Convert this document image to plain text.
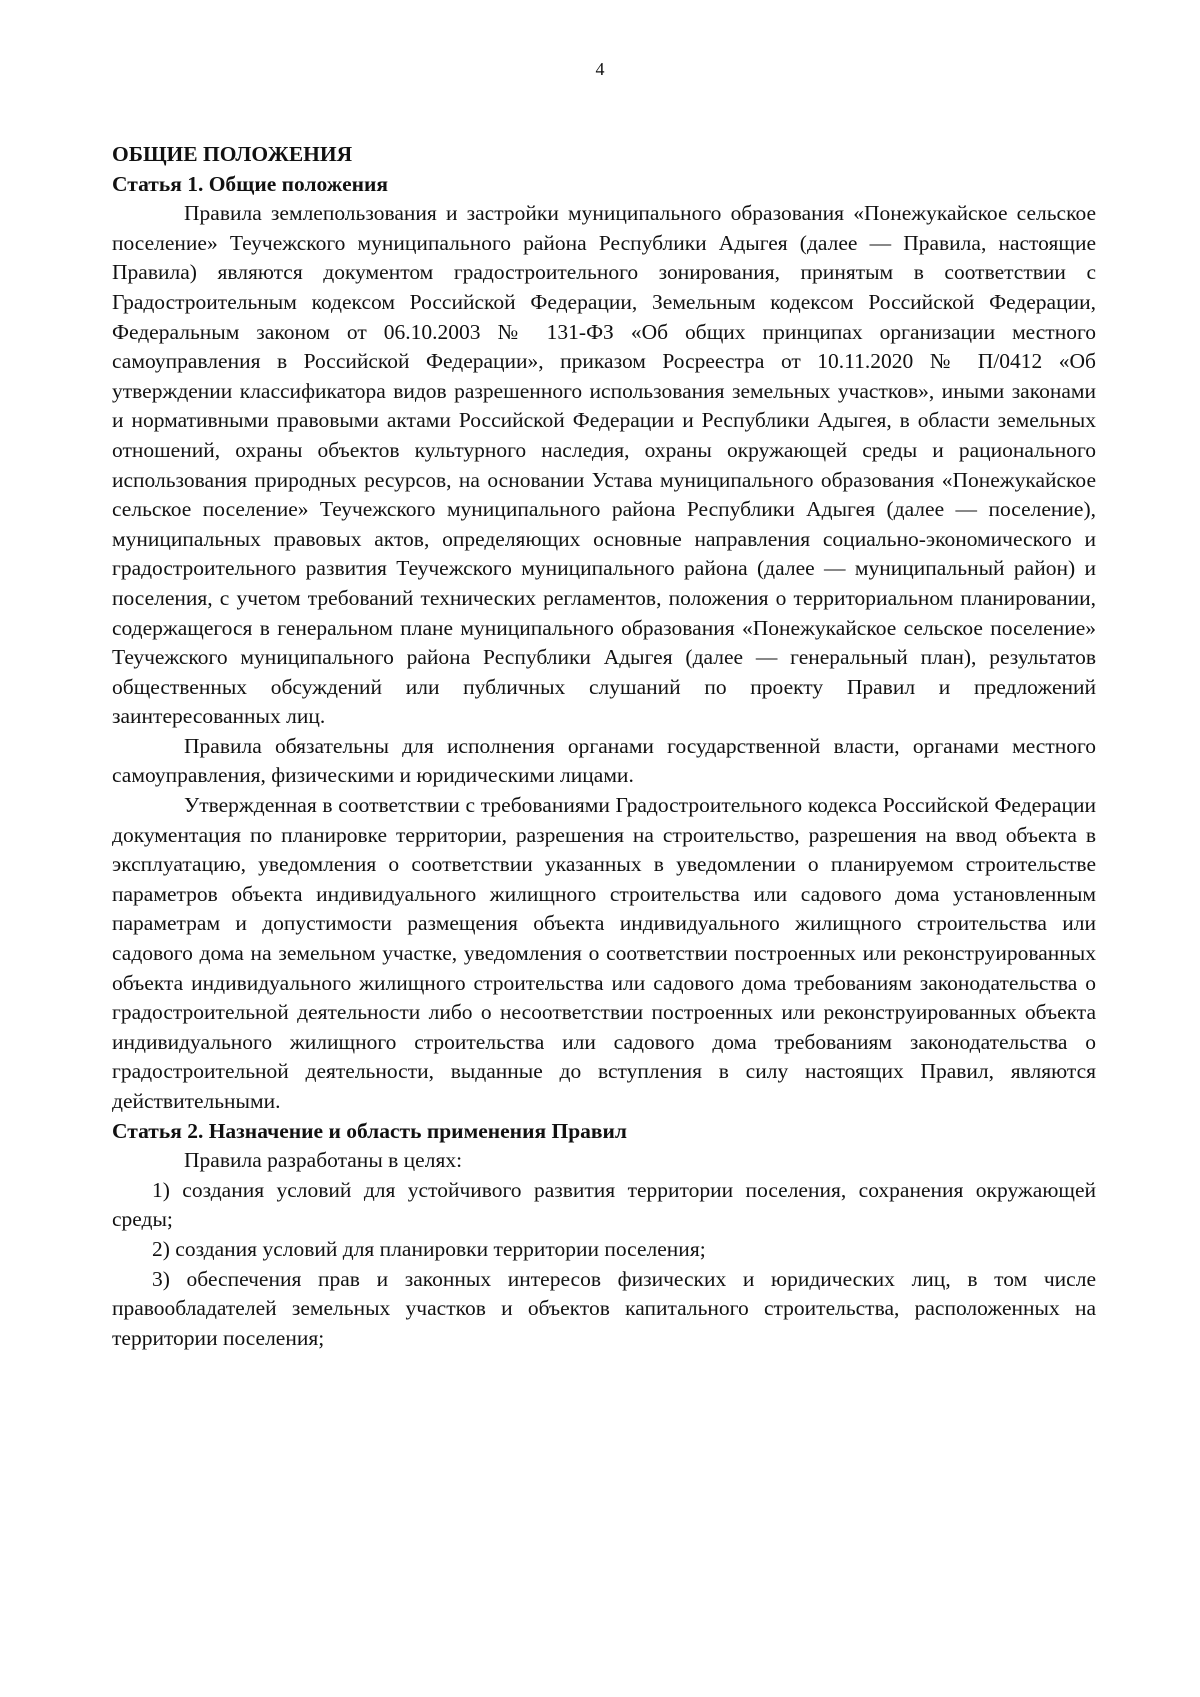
4

ОБЩИЕ ПОЛОЖЕНИЯ

Статья 1. Общие положения

Правила землепользования и застройки муниципального образования «Понежукайское сельское поселение» Теучежского муниципального района Республики Адыгея (далее — Правила, настоящие Правила) являются документом градостроительного зонирования, принятым в соответствии с Градостроительным кодексом Российской Федерации, Земельным кодексом Российской Федерации, Федеральным законом от 06.10.2003 № 131-ФЗ «Об общих принципах организации местного самоуправления в Российской Федерации», приказом Росреестра от 10.11.2020 № П/0412 «Об утверждении классификатора видов разрешенного использования земельных участков», иными законами и нормативными правовыми актами Российской Федерации и Республики Адыгея, в области земельных отношений, охраны объектов культурного наследия, охраны окружающей среды и рационального использования природных ресурсов, на основании Устава муниципального образования «Понежукайское сельское поселение» Теучежского муниципального района Республики Адыгея (далее — поселение), муниципальных правовых актов, определяющих основные направления социально-экономического и градостроительного развития Теучежского муниципального района (далее — муниципальный район) и поселения, с учетом требований технических регламентов, положения о территориальном планировании, содержащегося в генеральном плане муниципального образования «Понежукайское сельское поселение» Теучежского муниципального района Республики Адыгея (далее — генеральный план), результатов общественных обсуждений или публичных слушаний по проекту Правил и предложений заинтересованных лиц.

Правила обязательны для исполнения органами государственной власти, органами местного самоуправления, физическими и юридическими лицами.

Утвержденная в соответствии с требованиями Градостроительного кодекса Российской Федерации документация по планировке территории, разрешения на строительство, разрешения на ввод объекта в эксплуатацию, уведомления о соответствии указанных в уведомлении о планируемом строительстве параметров объекта индивидуального жилищного строительства или садового дома установленным параметрам и допустимости размещения объекта индивидуального жилищного строительства или садового дома на земельном участке, уведомления о соответствии построенных или реконструированных объекта индивидуального жилищного строительства или садового дома требованиям законодательства о градостроительной деятельности либо о несоответствии построенных или реконструированных объекта индивидуального жилищного строительства или садового дома требованиям законодательства о градостроительной деятельности, выданные до вступления в силу настоящих Правил, являются действительными.

Статья 2. Назначение и область применения Правил

Правила разработаны в целях:

1) создания условий для устойчивого развития территории поселения, сохранения окружающей среды;

2) создания условий для планировки территории поселения;

3) обеспечения прав и законных интересов физических и юридических лиц, в том числе правообладателей земельных участков и объектов капитального строительства, расположенных на территории поселения;
